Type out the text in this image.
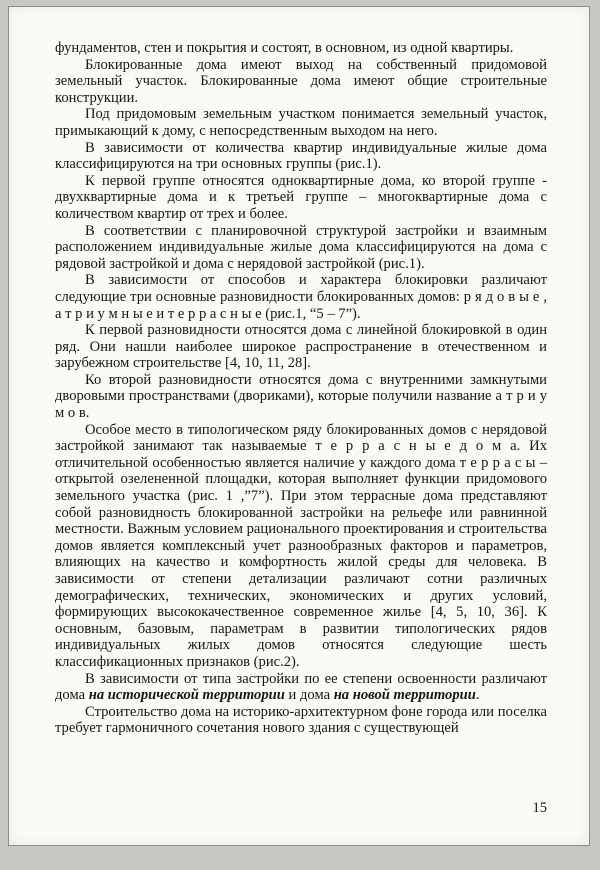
фундаментов, стен и покрытия и состоят, в основном, из одной квартиры.

Блокированные дома имеют выход на собственный придомовой земельный участок. Блокированные дома имеют общие строительные конструкции.

Под придомовым земельным участком понимается земельный участок, примыкающий к дому, с непосредственным выходом на него.

В зависимости от количества квартир индивидуальные жилые дома классифицируются на три основных группы (рис.1).

К первой группе относятся одноквартирные дома, ко второй группе - двухквартирные дома и к третьей группе – многоквартирные дома с количеством квартир от трех и более.

В соответствии с планировочной структурой застройки и взаимным расположением индивидуальные жилые дома классифицируются на дома с рядовой застройкой и дома с нерядовой застройкой (рис.1).

В зависимости от способов и характера блокировки различают следующие три основные разновидности блокированных домов: р я д о в ы е , а т р и у м н ы е и т е р р а с н ы е (рис.1, “5 – 7”).

К первой разновидности относятся дома с линейной блокировкой в один ряд. Они нашли наиболее широкое распространение в отечественном и зарубежном строительстве [4, 10, 11, 28].

Ко второй разновидности относятся дома с внутренними замкнутыми дворовыми пространствами (двориками), которые получили название а т р и у м о в.

Особое место в типологическом ряду блокированных домов с нерядовой застройкой занимают так называемые т е р р а с н ы е д о м а. Их отличительной особенностью является наличие у каждого дома т е р р а с ы – открытой озелененной площадки, которая выполняет функции придомового земельного участка (рис. 1 ,”7”). При этом террасные дома представляют собой разновидность блокированной застройки на рельефе или равнинной местности. Важным условием рационального проектирования и строительства домов является комплексный учет разнообразных факторов и параметров, влияющих на качество и комфортность жилой среды для человека. В зависимости от степени детализации различают сотни различных демографических, технических, экономических и других условий, формирующих высококачественное современное жилье [4, 5, 10, 36]. К основным, базовым, параметрам в развитии типологических рядов индивидуальных жилых домов относятся следующие шесть классификационных признаков (рис.2).

В зависимости от типа застройки по ее степени освоенности различают дома на исторической территории и дома на новой территории.

Строительство дома на историко-архитектурном фоне города или поселка требует гармоничного сочетания нового здания с существующей

15
